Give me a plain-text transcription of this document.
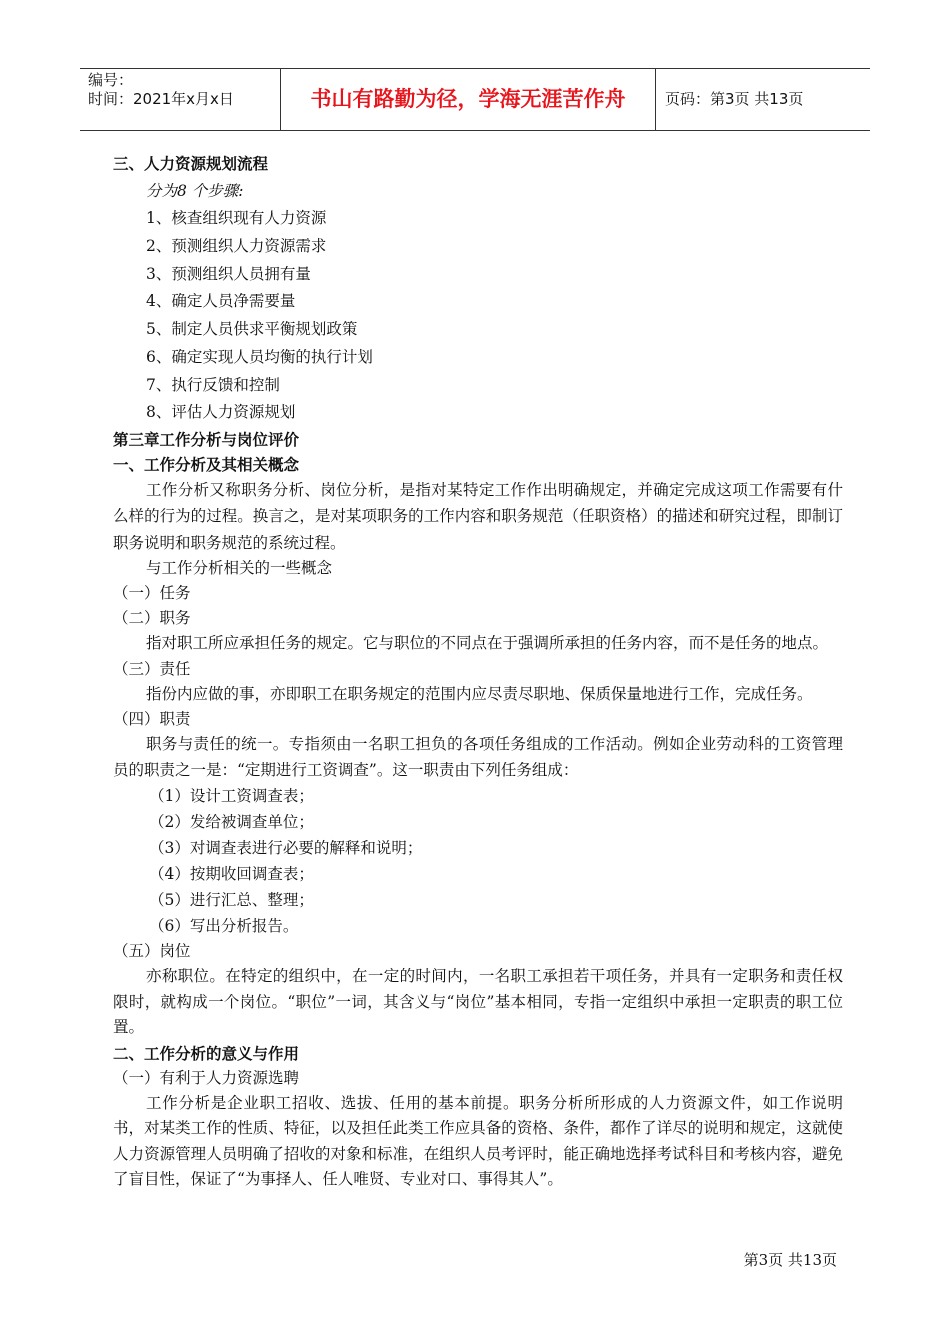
编号：
时间：2021年x月x日	书山有路勤为径，学海无涯苦作舟	页码：第3页 共13页
三、人力资源规划流程
分为8 个步骤:
1、核查组织现有人力资源
2、预测组织人力资源需求
3、预测组织人员拥有量
4、确定人员净需要量
5、制定人员供求平衡规划政策
6、确定实现人员均衡的执行计划
7、执行反馈和控制
8、评估人力资源规划
第三章工作分析与岗位评价
一、工作分析及其相关概念
工作分析又称职务分析、岗位分析，是指对某特定工作作出明确规定，并确定完成这项工作需要有什么样的行为的过程。换言之，是对某项职务的工作内容和职务规范（任职资格）的描述和研究过程，即制订职务说明和职务规范的系统过程。
与工作分析相关的一些概念
（一）任务
（二）职务
指对职工所应承担任务的规定。它与职位的不同点在于强调所承担的任务内容，而不是任务的地点。
（三）责任
指份内应做的事，亦即职工在职务规定的范围内应尽责尽职地、保质保量地进行工作，完成任务。
（四）职责
职务与责任的统一。专指须由一名职工担负的各项任务组成的工作活动。例如企业劳动科的工资管理员的职责之一是：“定期进行工资调查”。这一职责由下列任务组成：
（1）设计工资调查表；
（2）发给被调查单位；
（3）对调查表进行必要的解释和说明；
（4）按期收回调查表；
（5）进行汇总、整理；
（6）写出分析报告。
（五）岗位
亦称职位。在特定的组织中，在一定的时间内，一名职工承担若干项任务，并具有一定职务和责任权限时，就构成一个岗位。“职位”一词，其含义与“岗位”基本相同，专指一定组织中承担一定职责的职工位置。
二、工作分析的意义与作用
（一）有利于人力资源选聘
工作分析是企业职工招收、选拔、任用的基本前提。职务分析所形成的人力资源文件，如工作说明书，对某类工作的性质、特征，以及担任此类工作应具备的资格、条件，都作了详尽的说明和规定，这就使人力资源管理人员明确了招收的对象和标准，在组织人员考评时，能正确地选择考试科目和考核内容，避免了盲目性，保证了“为事择人、任人唯贤、专业对口、事得其人”。
第3页 共13页
